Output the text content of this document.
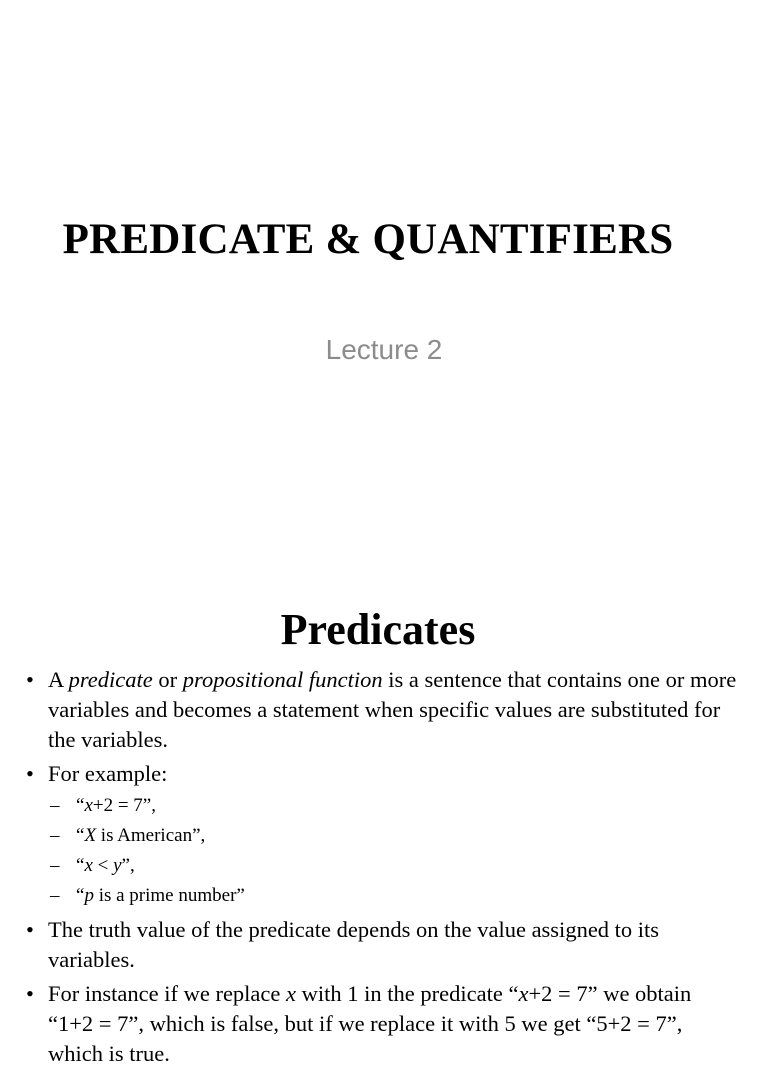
PREDICATE & QUANTIFIERS
Lecture 2
Predicates
• A predicate or propositional function is a sentence that contains one or more variables and becomes a statement when specific values are substituted for the variables.
• For example:
– “x+2 = 7”,
– “X is American”,
– “x < y”,
– “p is a prime number”
• The truth value of the predicate depends on the value assigned to its variables.
• For instance if we replace x with 1 in the predicate “x+2 = 7” we obtain “1+2 = 7”, which is false, but if we replace it with 5 we get “5+2 = 7”, which is true.
